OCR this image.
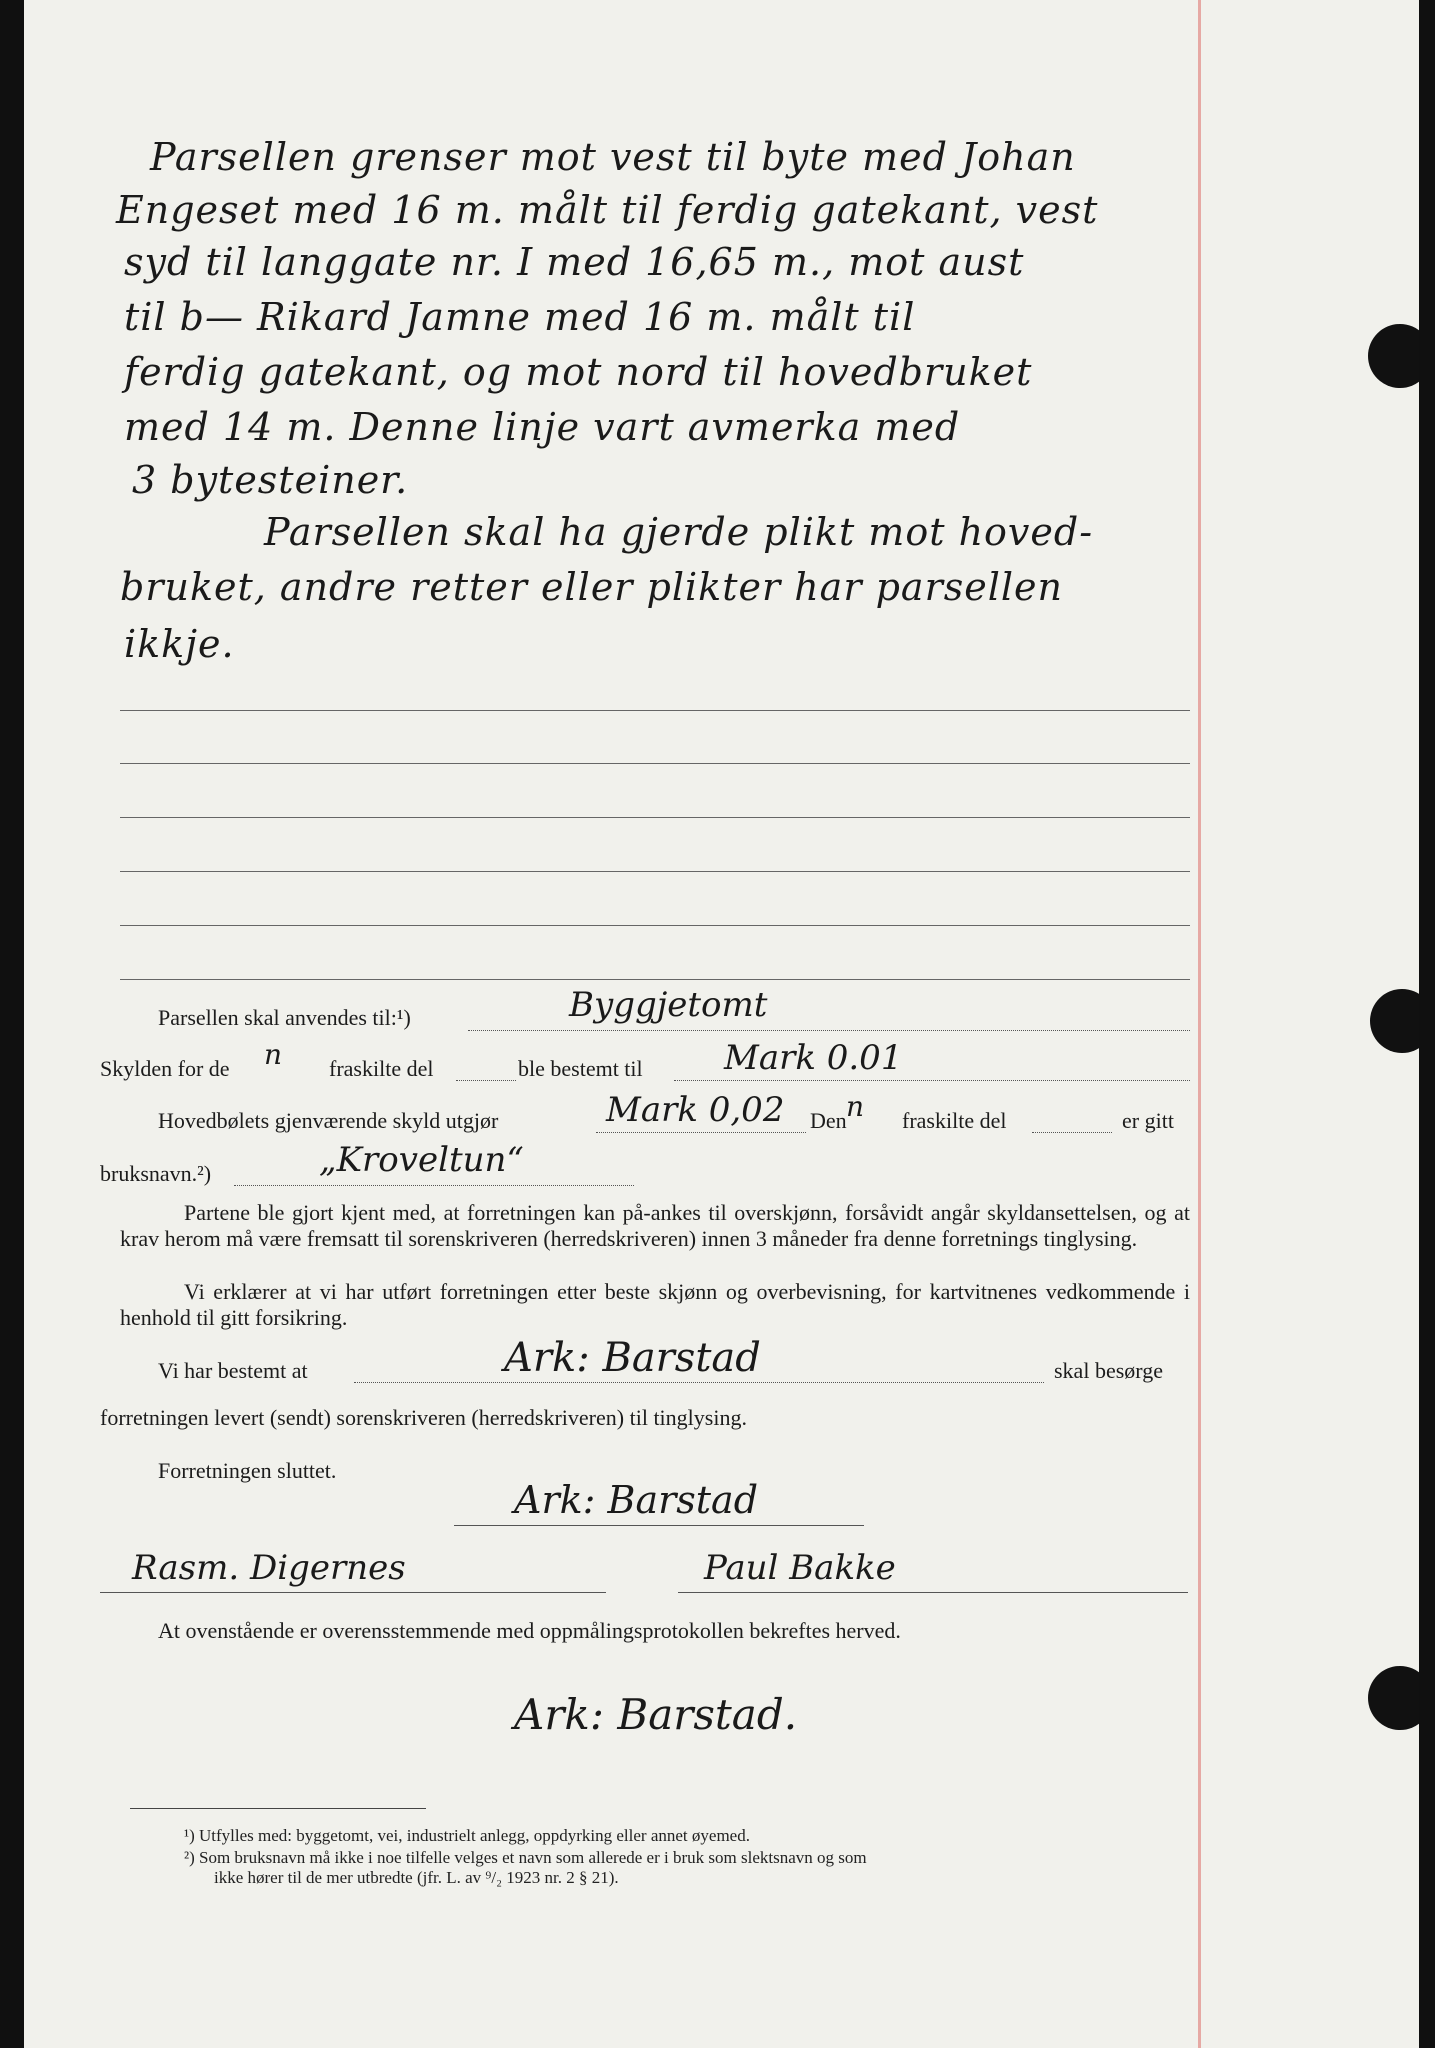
Parsellen grenser mot vest til byte med Johan
Engeset med 16 m. målt til ferdig gatekant, vest
syd til langgate nr. I med 16,65 m., mot aust
til b— Rikard Jamne med 16 m. målt til
ferdig gatekant, og mot nord til hovedbruket
med 14 m. Denne linje vart avmerka med
3 bytesteiner.
Parsellen skal ha gjerde plikt mot hoved-
bruket, andre retter eller plikter har parsellen
ikkje.
Parsellen skal anvendes til:¹)	Byggjetomt
Skylden for de n fraskilte del	ble bestemt til Mark 0.01
Hovedbølets gjenværende skyld utgjør	Mark 0,02 Den n fraskilte del	er gitt
bruksnavn.²)	„Kroveltun“
Partene ble gjort kjent med, at forretningen kan på-ankes til overskjønn, forsåvidt angår skyldansettelsen, og at krav herom må være fremsatt til sorenskriveren (herredskriveren) innen 3 måneder fra denne forretnings tinglysing.
Vi erklærer at vi har utført forretningen etter beste skjønn og overbevisning, for kartvitnenes vedkommende i henhold til gitt forsikring.
Vi har bestemt at	Ark: Barstad	skal besørge
forretningen levert (sendt) sorenskriveren (herredskriveren) til tinglysing.
Forretningen sluttet.
Ark: Barstad
Rasm. Digernes	Paul Bakke
At ovenstående er overensstemmende med oppmålingsprotokollen bekreftes herved.
Ark: Barstad.
¹) Utfylles med: byggetomt, vei, industrielt anlegg, oppdyrking eller annet øyemed.
²) Som bruksnavn må ikke i noe tilfelle velges et navn som allerede er i bruk som slektsnavn og som
ikke hører til de mer utbredte (jfr. L. av ⁹/₂ 1923 nr. 2 § 21).
